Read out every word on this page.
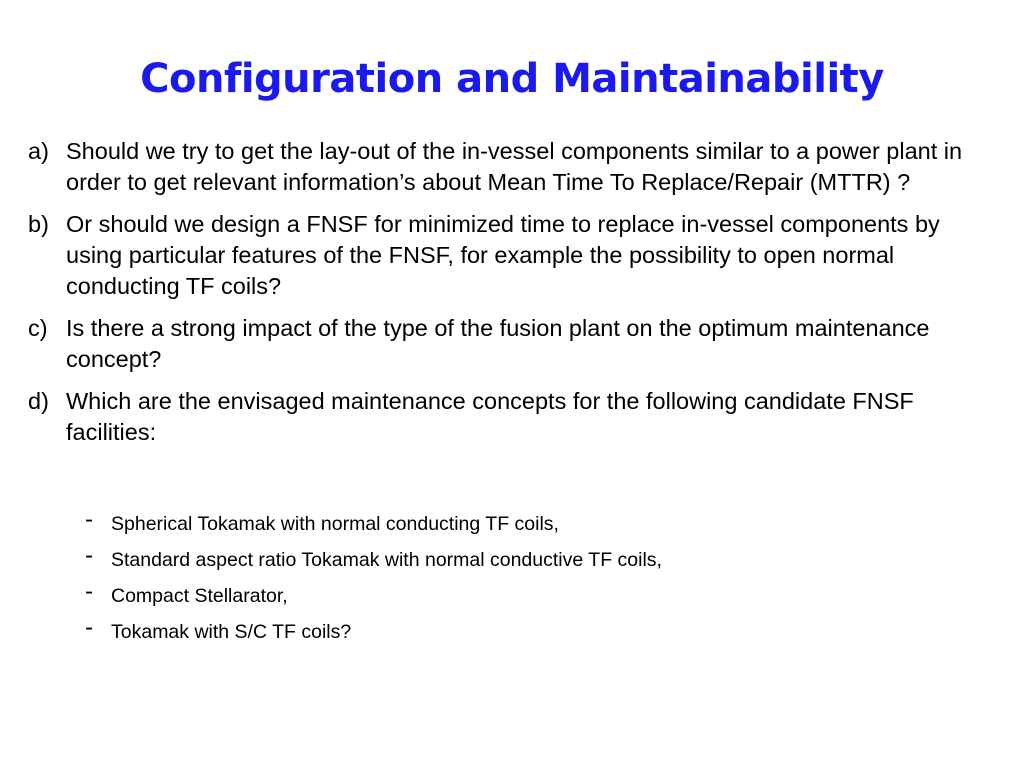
Configuration and Maintainability
a) Should we try to get the lay-out of the in-vessel components similar to a power plant in order to get relevant information’s about Mean Time To Replace/Repair (MTTR) ?
b) Or should we design a FNSF for minimized time to replace in-vessel components by using particular features of the FNSF, for example the possibility to open normal conducting TF coils?
c) Is there a strong impact of the type of the fusion plant on the optimum maintenance concept?
d) Which are the envisaged maintenance concepts for the following candidate FNSF facilities:
- Spherical Tokamak with normal conducting TF coils,
- Standard aspect ratio Tokamak with normal conductive TF coils,
- Compact Stellarator,
- Tokamak with S/C TF coils?
